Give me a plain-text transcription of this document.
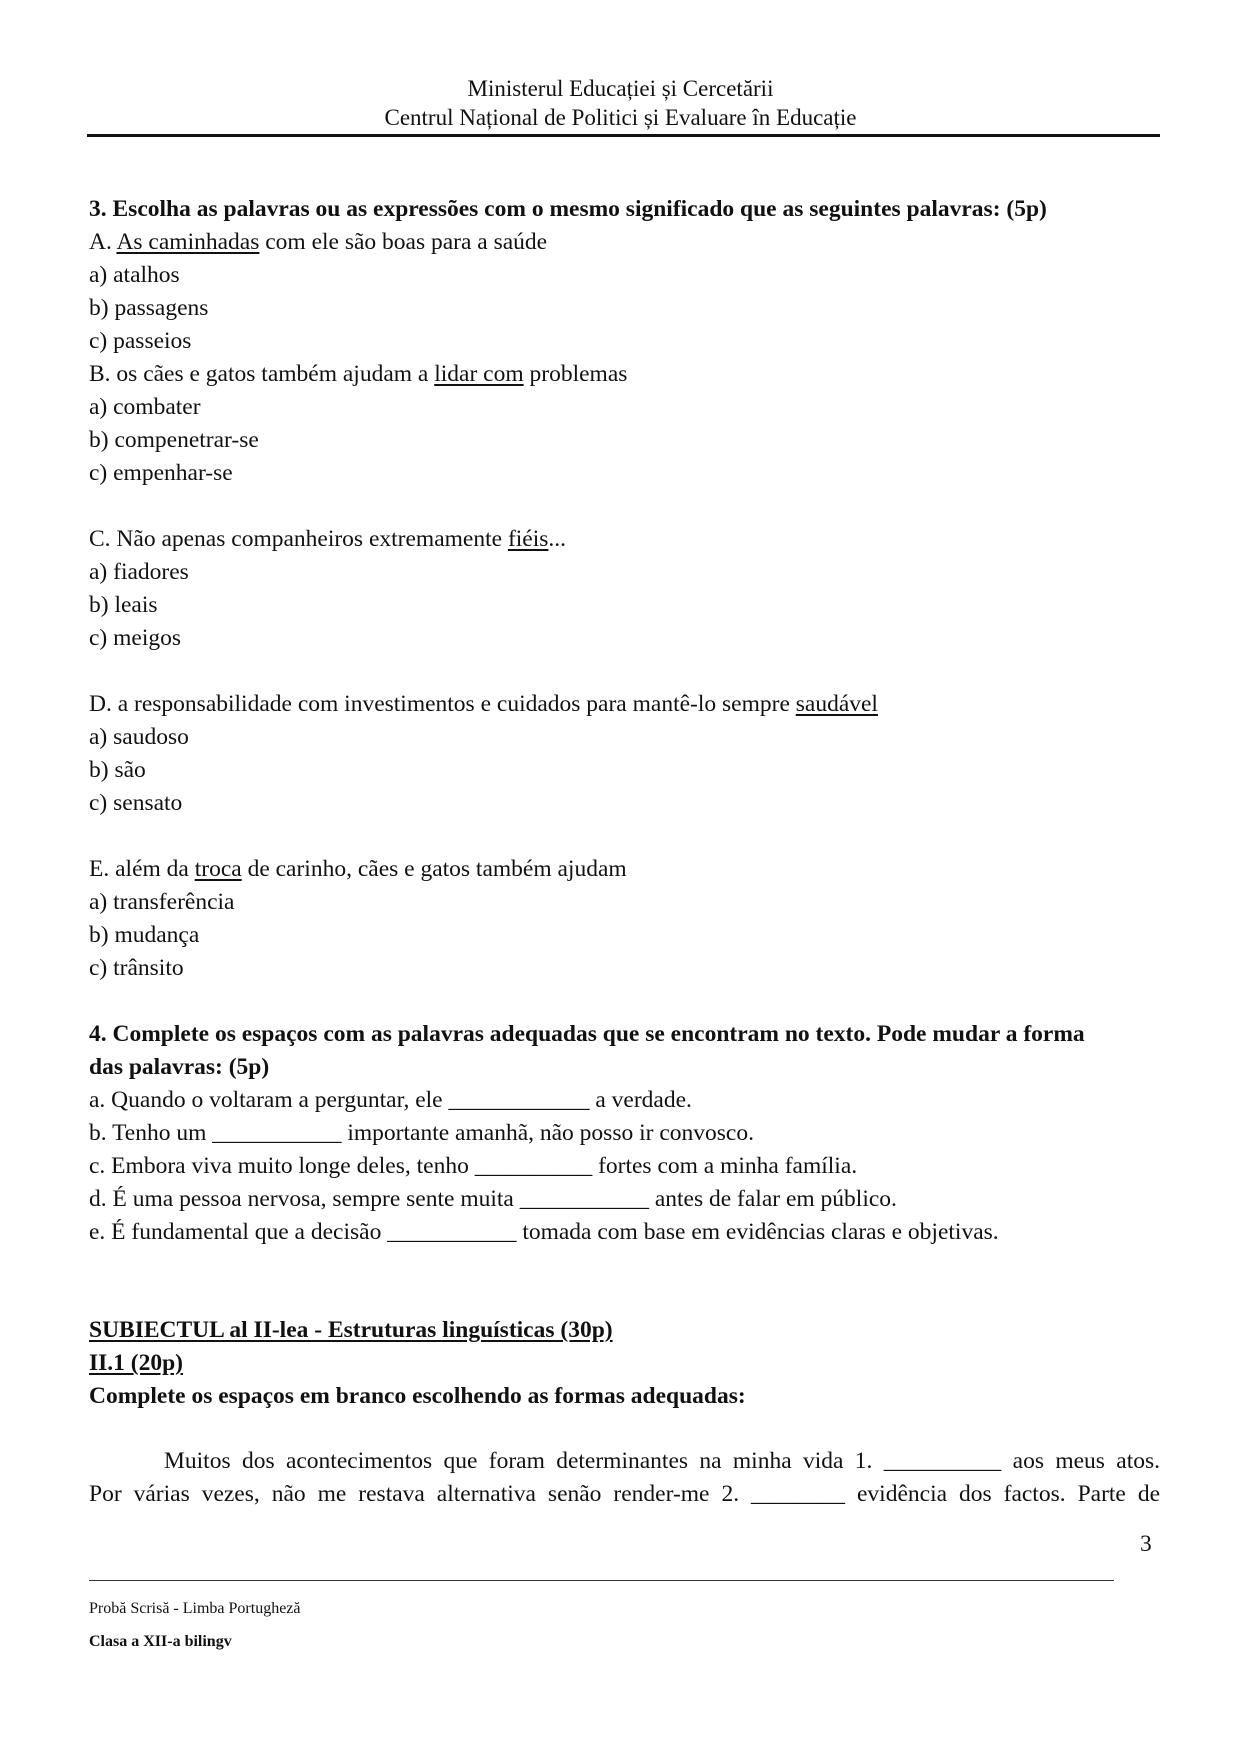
Ministerul Educației și Cercetării
Centrul Național de Politici și Evaluare în Educație
3. Escolha as palavras ou as expressões com o mesmo significado que as seguintes palavras: (5p)
A. As caminhadas com ele são boas para a saúde
a) atalhos
b) passagens
c) passeios
B. os cães e gatos também ajudam a lidar com problemas
a) combater
b) compenetrar-se
c) empenhar-se
C. Não apenas companheiros extremamente fiéis...
a) fiadores
b) leais
c) meigos
D. a responsabilidade com investimentos e cuidados para mantê-lo sempre saudável
a) saudoso
b) são
c) sensato
E. além da troca de carinho, cães e gatos também ajudam
a) transferência
b) mudança
c) trânsito
4. Complete os espaços com as palavras adequadas que se encontram no texto. Pode mudar a forma
das palavras: (5p)
a. Quando o voltaram a perguntar, ele ____________ a verdade.
b. Tenho um ___________ importante amanhã, não posso ir convosco.
c. Embora viva muito longe deles, tenho __________ fortes com a minha família.
d. É uma pessoa nervosa, sempre sente muita ___________ antes de falar em público.
e. É fundamental que a decisão ___________ tomada com base em evidências claras e objetivas.
SUBIECTUL al II-lea - Estruturas linguísticas (30p)
II.1 (20p)
Complete os espaços em branco escolhendo as formas adequadas:
Muitos dos acontecimentos que foram determinantes na minha vida 1. __________ aos meus atos.
Por várias vezes, não me restava alternativa senão render-me 2. ________ evidência dos factos. Parte de
3
Probă Scrisă - Limba Portugheză
Clasa a XII-a bilingv
